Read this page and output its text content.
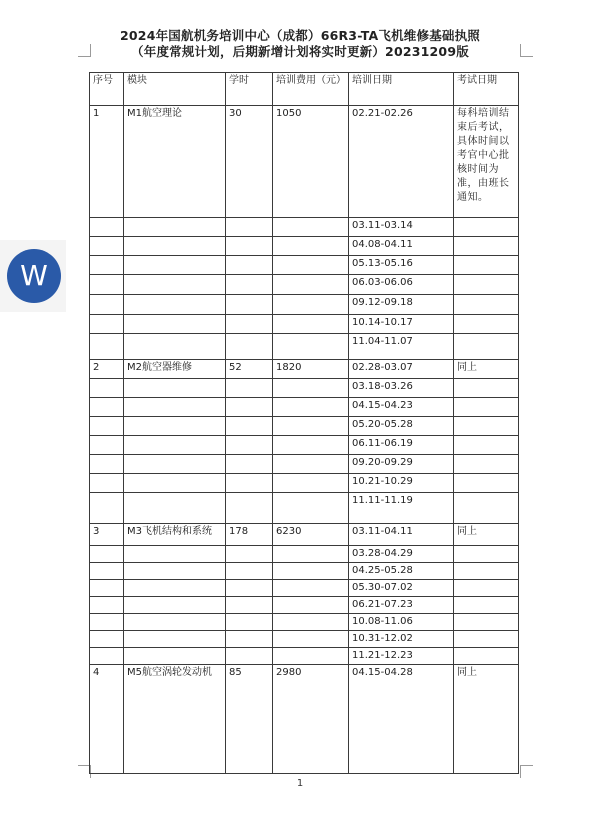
W
2024年国航机务培训中心（成都）66R3-TA飞机维修基础执照
（年度常规计划，后期新增计划将实时更新）20231209版
序号	模块	学时	培训费用（元）	培训日期	考试日期
1	M1航空理论	30	1050	02.21-02.26	每科培训结束后考试，具体时间以考官中心批核时间为准，由班长通知。
				03.11-03.14	
				04.08-04.11	
				05.13-05.16	
				06.03-06.06	
				09.12-09.18	
				10.14-10.17	
				11.04-11.07	
2	M2航空器维修	52	1820	02.28-03.07	同上
				03.18-03.26	
				04.15-04.23	
				05.20-05.28	
				06.11-06.19	
				09.20-09.29	
				10.21-10.29	
				11.11-11.19	
3	M3飞机结构和系统	178	6230	03.11-04.11	同上
				03.28-04.29	
				04.25-05.28	
				05.30-07.02	
				06.21-07.23	
				10.08-11.06	
				10.31-12.02	
				11.21-12.23	
4	M5航空涡轮发动机	85	2980	04.15-04.28	同上
1
